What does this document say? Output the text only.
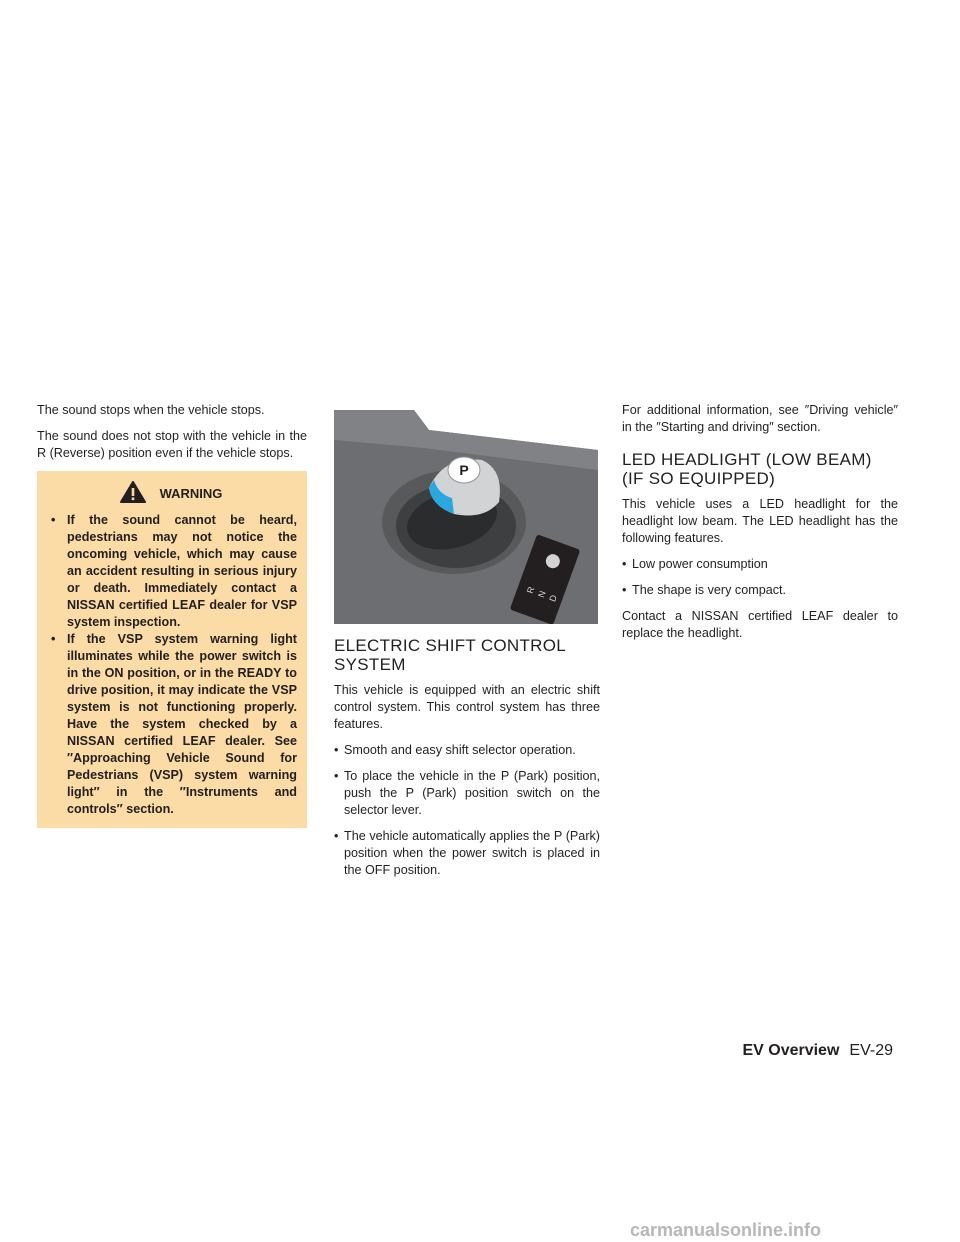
The sound stops when the vehicle stops.

The sound does not stop with the vehicle in the R (Reverse) position even if the vehicle stops.

WARNING
• If the sound cannot be heard, pedestrians may not notice the oncoming vehicle, which may cause an accident resulting in serious injury or death. Immediately contact a NISSAN certified LEAF dealer for VSP system inspection.
• If the VSP system warning light illuminates while the power switch is in the ON position, or in the READY to drive position, it may indicate the VSP system is not functioning properly. Have the system checked by a NISSAN certified LEAF dealer. See ″Approaching Vehicle Sound for Pedestrians (VSP) system warning light″ in the ″Instruments and controls″ section.
P
R N D
ELECTRIC SHIFT CONTROL SYSTEM

This vehicle is equipped with an electric shift control system. This control system has three features.

• Smooth and easy shift selector operation.
• To place the vehicle in the P (Park) position, push the P (Park) position switch on the selector lever.
• The vehicle automatically applies the P (Park) position when the power switch is placed in the OFF position.

For additional information, see ″Driving vehicle″ in the ″Starting and driving″ section.

LED HEADLIGHT (LOW BEAM) (IF SO EQUIPPED)

This vehicle uses a LED headlight for the headlight low beam. The LED headlight has the following features.

• Low power consumption
• The shape is very compact.

Contact a NISSAN certified LEAF dealer to replace the headlight.

EV Overview EV-29
carmanualsonline.info
